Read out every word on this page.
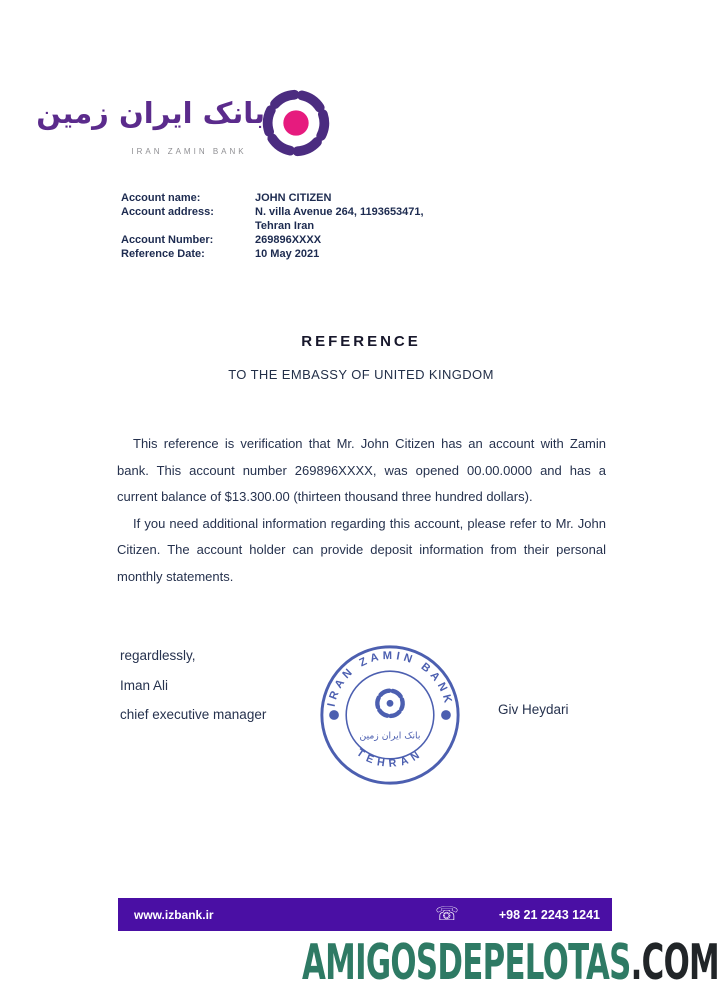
بانک ایران زمین
IRAN ZAMIN BANK
Account name:	JOHN CITIZEN
Account address:	N. villa Avenue 264, 1193653471,
	Tehran Iran
Account Number:	269896XXXX
Reference Date:	10 May 2021
REFERENCE
TO THE EMBASSY OF UNITED KINGDOM

This reference is verification that Mr. John Citizen has an account with Zamin bank. This account number 269896XXXX, was opened 00.00.0000 and has a current balance of $13.300.00 (thirteen thousand three hundred dollars).

If you need additional information regarding this account, please refer to Mr. John Citizen. The account holder can provide deposit information from their personal monthly statements.

regardlessly,
Iman Ali
chief executive manager
IRAN ZAMIN BANK
TEHRAN
بانک ایران زمین
Giv Heydari
www.izbank.ir	☏	+98 21 2243 1241
AMIGOSDEPELOTAS.COM
